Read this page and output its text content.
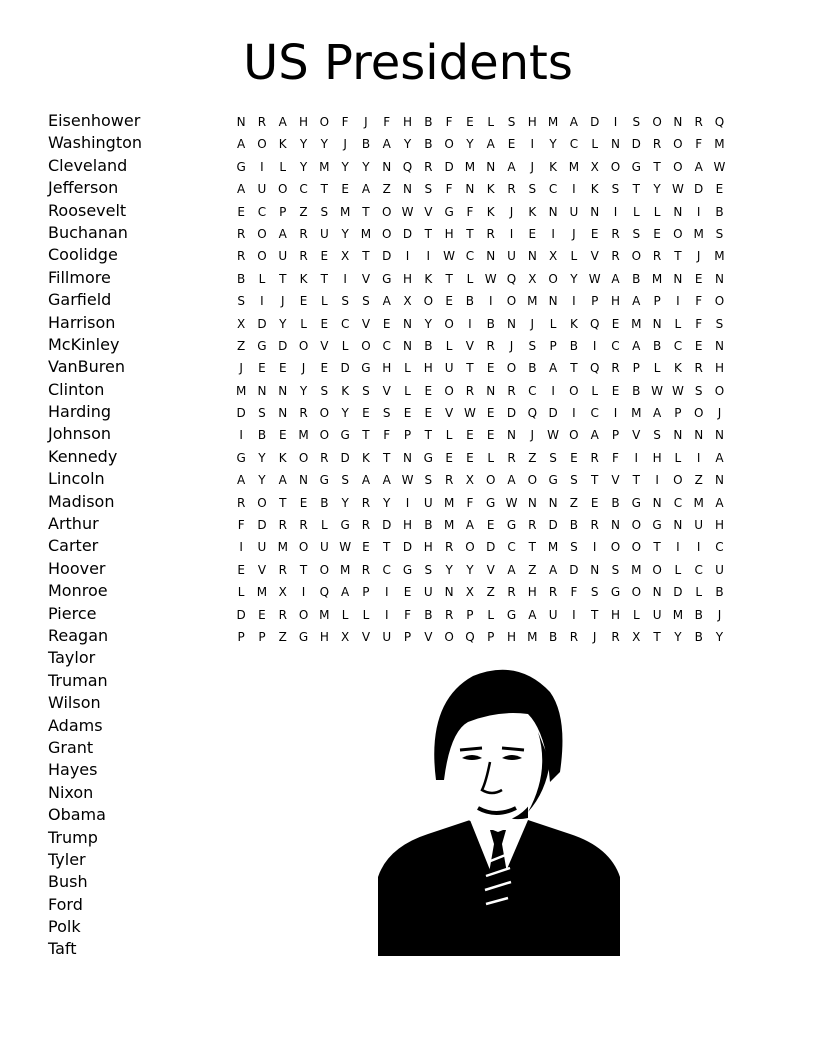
US Presidents
Eisenhower
Washington
Cleveland
Jefferson
Roosevelt
Buchanan
Coolidge
Fillmore
Garfield
Harrison
McKinley
VanBuren
Clinton
Harding
Johnson
Kennedy
Lincoln
Madison
Arthur
Carter
Hoover
Monroe
Pierce
Reagan
Taylor
Truman
Wilson
Adams
Grant
Hayes
Nixon
Obama
Trump
Tyler
Bush
Ford
Polk
Taft
N R	A H O	F	J	F	H B	F	E	L	S H M A D	I	S O N R Q
A O K	Y	Y	J	B	A	Y	B O Y	A	E	I	Y	C	L	N D R O	F M
G	I	L	Y M Y	Y	N Q R D M N A	J	K M X O G T O A W
A U O C	T	E	A	Z N S	F	N K	R	S	C	I	K	S	T	Y W D E
E	C	P	Z	S M T O W V G	F	K	J	K N U N	I	L	L	N	I	B
R O A	R U	Y M O D	T	H	T	R	I	E	I	J	E	R	S	E O M S
R O U R	E	X	T	D	I	I	W C N U N X	L	V	R O R	T	J	M
B	L	T	K	T	I	V G H K	T	L W Q X O Y W A	B M N	E	N
S	I	J	E	L	S	S	A	X O E	B	I	O M N	I	P	H A	P	I	F	O
X D	Y	L	E	C V	E	N	Y O	I	B N	J	L	K Q E M N	L	F	S
Z G D O V	L	O C N B	L	V	R	J	S	P	B	I	C A	B C	E	N
J	E	E	J	E D G H	L	H U	T	E O B	A	T Q R	P	L	K	R H
M N N	Y	S	K	S	V	L	E O R N R C	I	O	L	E	B W W S O
D S	N R O Y	E	S	E	E	V W E D Q D	I	C	I	M A	P O	J
I	B	E M O G T	F	P	T	L	E	E	N	J	W O A	P	V	S	N N N
G Y	K O R D K	T	N G E	E	L	R	Z	S	E	R	F	I	H	L	I	A
A	Y	A N G S	A	A W S	R	X O A O G S	T	V	T	I	O Z N
R O T	E	B	Y	R	Y	I	U M F	G W N N Z	E	B G N C M A
F	D R R	L	G R D H B M A	E G R D B	R N O G N U H
I	U M O U W E	T	D H R O D C	T M S	I	O O T	I	I	C
E	V	R	T O M R C G S	Y	Y	V	A	Z	A D N S M O	L	C U
L M X	I	Q A	P	I	E	U N X	Z	R H R	F	S G O N D	L	B
D E	R O M L	L	I	F	B	R	P	L	G A U	I	T	H	L	U M B	J
P	P	Z G H X	V U	P	V O Q P	H M B	R	J	R	X	T	Y	B	Y
